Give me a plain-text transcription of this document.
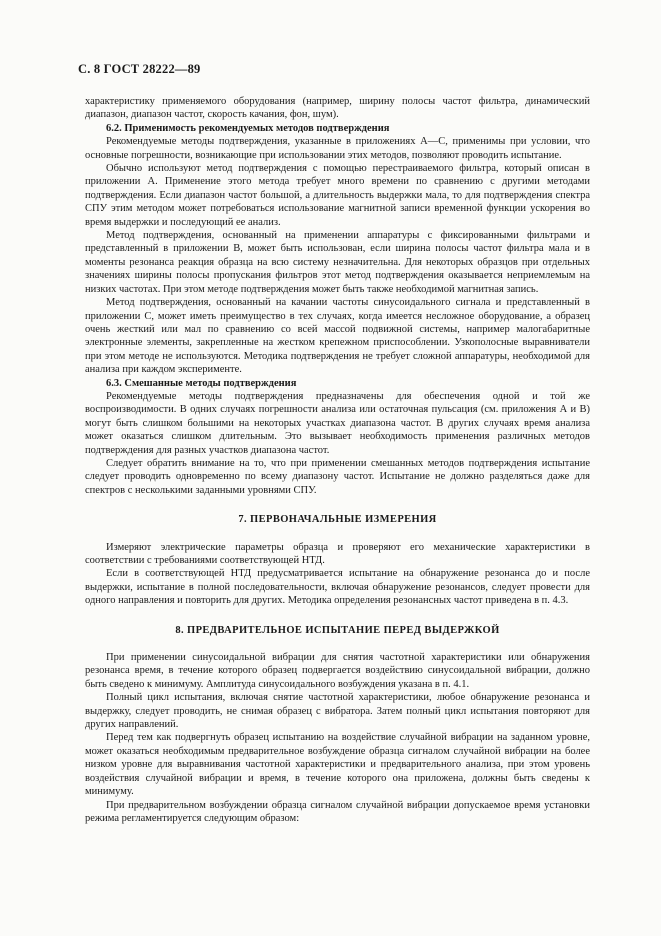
С. 8 ГОСТ 28222—89

характеристику применяемого оборудования (например, ширину полосы частот фильтра, динамический диапазон, диапазон частот, скорость качания, фон, шум).

6.2. Применимость рекомендуемых методов подтверждения

Рекомендуемые методы подтверждения, указанные в приложениях А—С, применимы при условии, что основные погрешности, возникающие при использовании этих методов, позволяют проводить испытание.

Обычно используют метод подтверждения с помощью перестраиваемого фильтра, который описан в приложении А. Применение этого метода требует много времени по сравнению с другими методами подтверждения. Если диапазон частот большой, а длительность выдержки мала, то для подтверждения спектра СПУ этим методом может потребоваться использование магнитной записи временной функции ускорения во время выдержки и последующий ее анализ.

Метод подтверждения, основанный на применении аппаратуры с фиксированными фильтрами и представленный в приложении В, может быть использован, если ширина полосы частот фильтра мала и в моменты резонанса реакция образца на всю систему незначительна. Для некоторых образцов при отдельных значениях ширины полосы пропускания фильтров этот метод подтверждения оказывается неприемлемым на низких частотах. При этом методе подтверждения может быть также необходимой магнитная запись.

Метод подтверждения, основанный на качании частоты синусоидального сигнала и представленный в приложении С, может иметь преимущество в тех случаях, когда имеется несложное оборудование, а образец очень жесткий или мал по сравнению со всей массой подвижной системы, например малогабаритные электронные элементы, закрепленные на жестком крепежном приспособлении. Узкополосные выравниватели при этом методе не используются. Методика подтверждения не требует сложной аппаратуры, необходимой для анализа при каждом эксперименте.

6.3. Смешанные методы подтверждения

Рекомендуемые методы подтверждения предназначены для обеспечения одной и той же воспроизводимости. В одних случаях погрешности анализа или остаточная пульсация (см. приложения А и В) могут быть слишком большими на некоторых участках диапазона частот. В других случаях время анализа может оказаться слишком длительным. Это вызывает необходимость применения различных методов подтверждения для разных участков диапазона частот.

Следует обратить внимание на то, что при применении смешанных методов подтверждения испытание следует проводить одновременно по всему диапазону частот. Испытание не должно разделяться даже для спектров с несколькими заданными уровнями СПУ.

7. ПЕРВОНАЧАЛЬНЫЕ ИЗМЕРЕНИЯ

Измеряют электрические параметры образца и проверяют его механические характеристики в соответствии с требованиями соответствующей НТД.

Если в соответствующей НТД предусматривается испытание на обнаружение резонанса до и после выдержки, испытание в полной последовательности, включая обнаружение резонансов, следует провести для одного направления и повторить для других. Методика определения резонансных частот приведена в п. 4.3.

8. ПРЕДВАРИТЕЛЬНОЕ ИСПЫТАНИЕ ПЕРЕД ВЫДЕРЖКОЙ

При применении синусоидальной вибрации для снятия частотной характеристики или обнаружения резонанса время, в течение которого образец подвергается воздействию синусоидальной вибрации, должно быть сведено к минимуму. Амплитуда синусоидального возбуждения указана в п. 4.1.

Полный цикл испытания, включая снятие частотной характеристики, любое обнаружение резонанса и выдержку, следует проводить, не снимая образец с вибратора. Затем полный цикл испытания повторяют для других направлений.

Перед тем как подвергнуть образец испытанию на воздействие случайной вибрации на заданном уровне, может оказаться необходимым предварительное возбуждение образца сигналом случайной вибрации на более низком уровне для выравнивания частотной характеристики и предварительного анализа, при этом уровень воздействия случайной вибрации и время, в течение которого она приложена, должны быть сведены к минимуму.

При предварительном возбуждении образца сигналом случайной вибрации допускаемое время установки режима регламентируется следующим образом:
